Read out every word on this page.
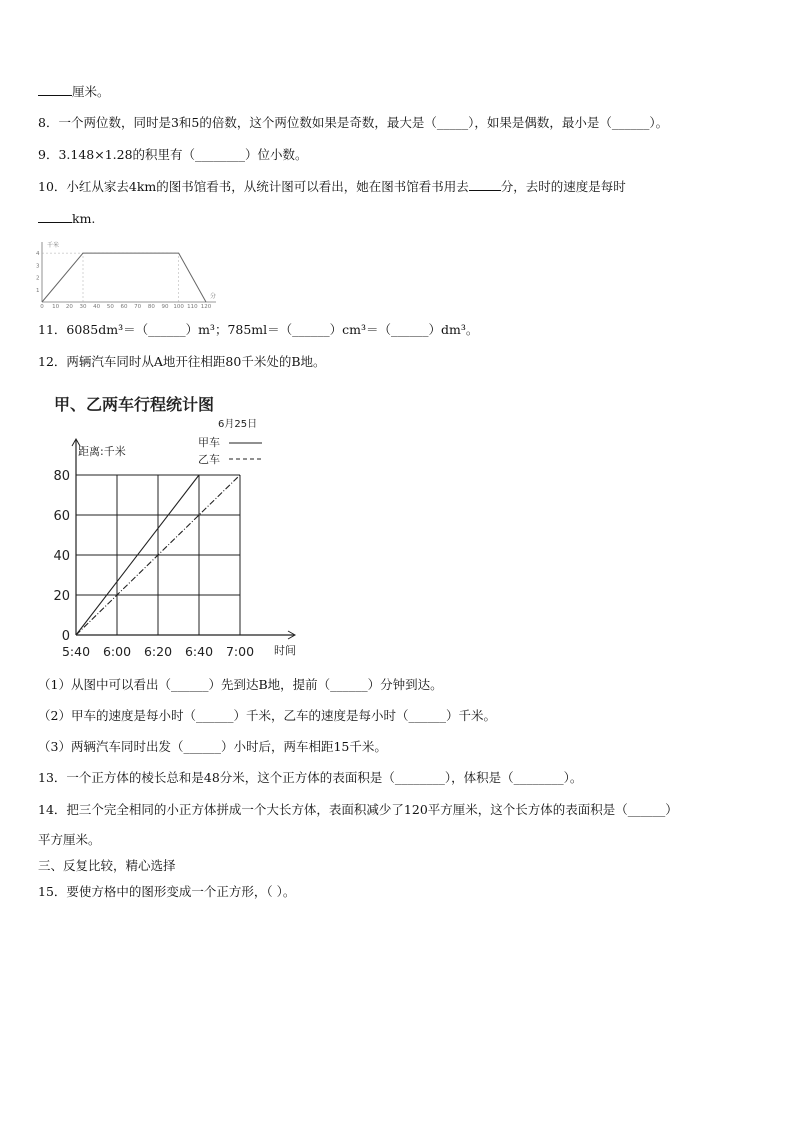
厘米。
8．一个两位数，同时是3和5的倍数，这个两位数如果是奇数，最大是（_____），如果是偶数，最小是（______）。
9．3.148×1.28的积里有（________）位小数。
10．小红从家去4km的图书馆看书，从统计图可以看出，她在图书馆看书用去	分，去时的速度是每时
km.
千米
分
1
2
3
4
0 10 20 30 40 50 60 70 80 90 100 110 120
11．6085dm³＝（______）m³；785ml＝（______）cm³＝（______）dm³。
12．两辆汽车同时从A地开往相距80千米处的B地。
甲、乙两车行程统计图
6月25日
甲车
乙车
距离:千米
0
20
40
60
80
5:40 6:00 6:20 6:40 7:00 时间
（1）从图中可以看出（______）先到达B地，提前（______）分钟到达。
（2）甲车的速度是每小时（______）千米，乙车的速度是每小时（______）千米。
（3）两辆汽车同时出发（______）小时后，两车相距15千米。
13．一个正方体的棱长总和是48分米，这个正方体的表面积是（________），体积是（________）。
14．把三个完全相同的小正方体拼成一个大长方体，表面积减少了120平方厘米，这个长方体的表面积是（______）
平方厘米。
三、反复比较，精心选择
15．要使方格中的图形变成一个正方形，（ ）。
